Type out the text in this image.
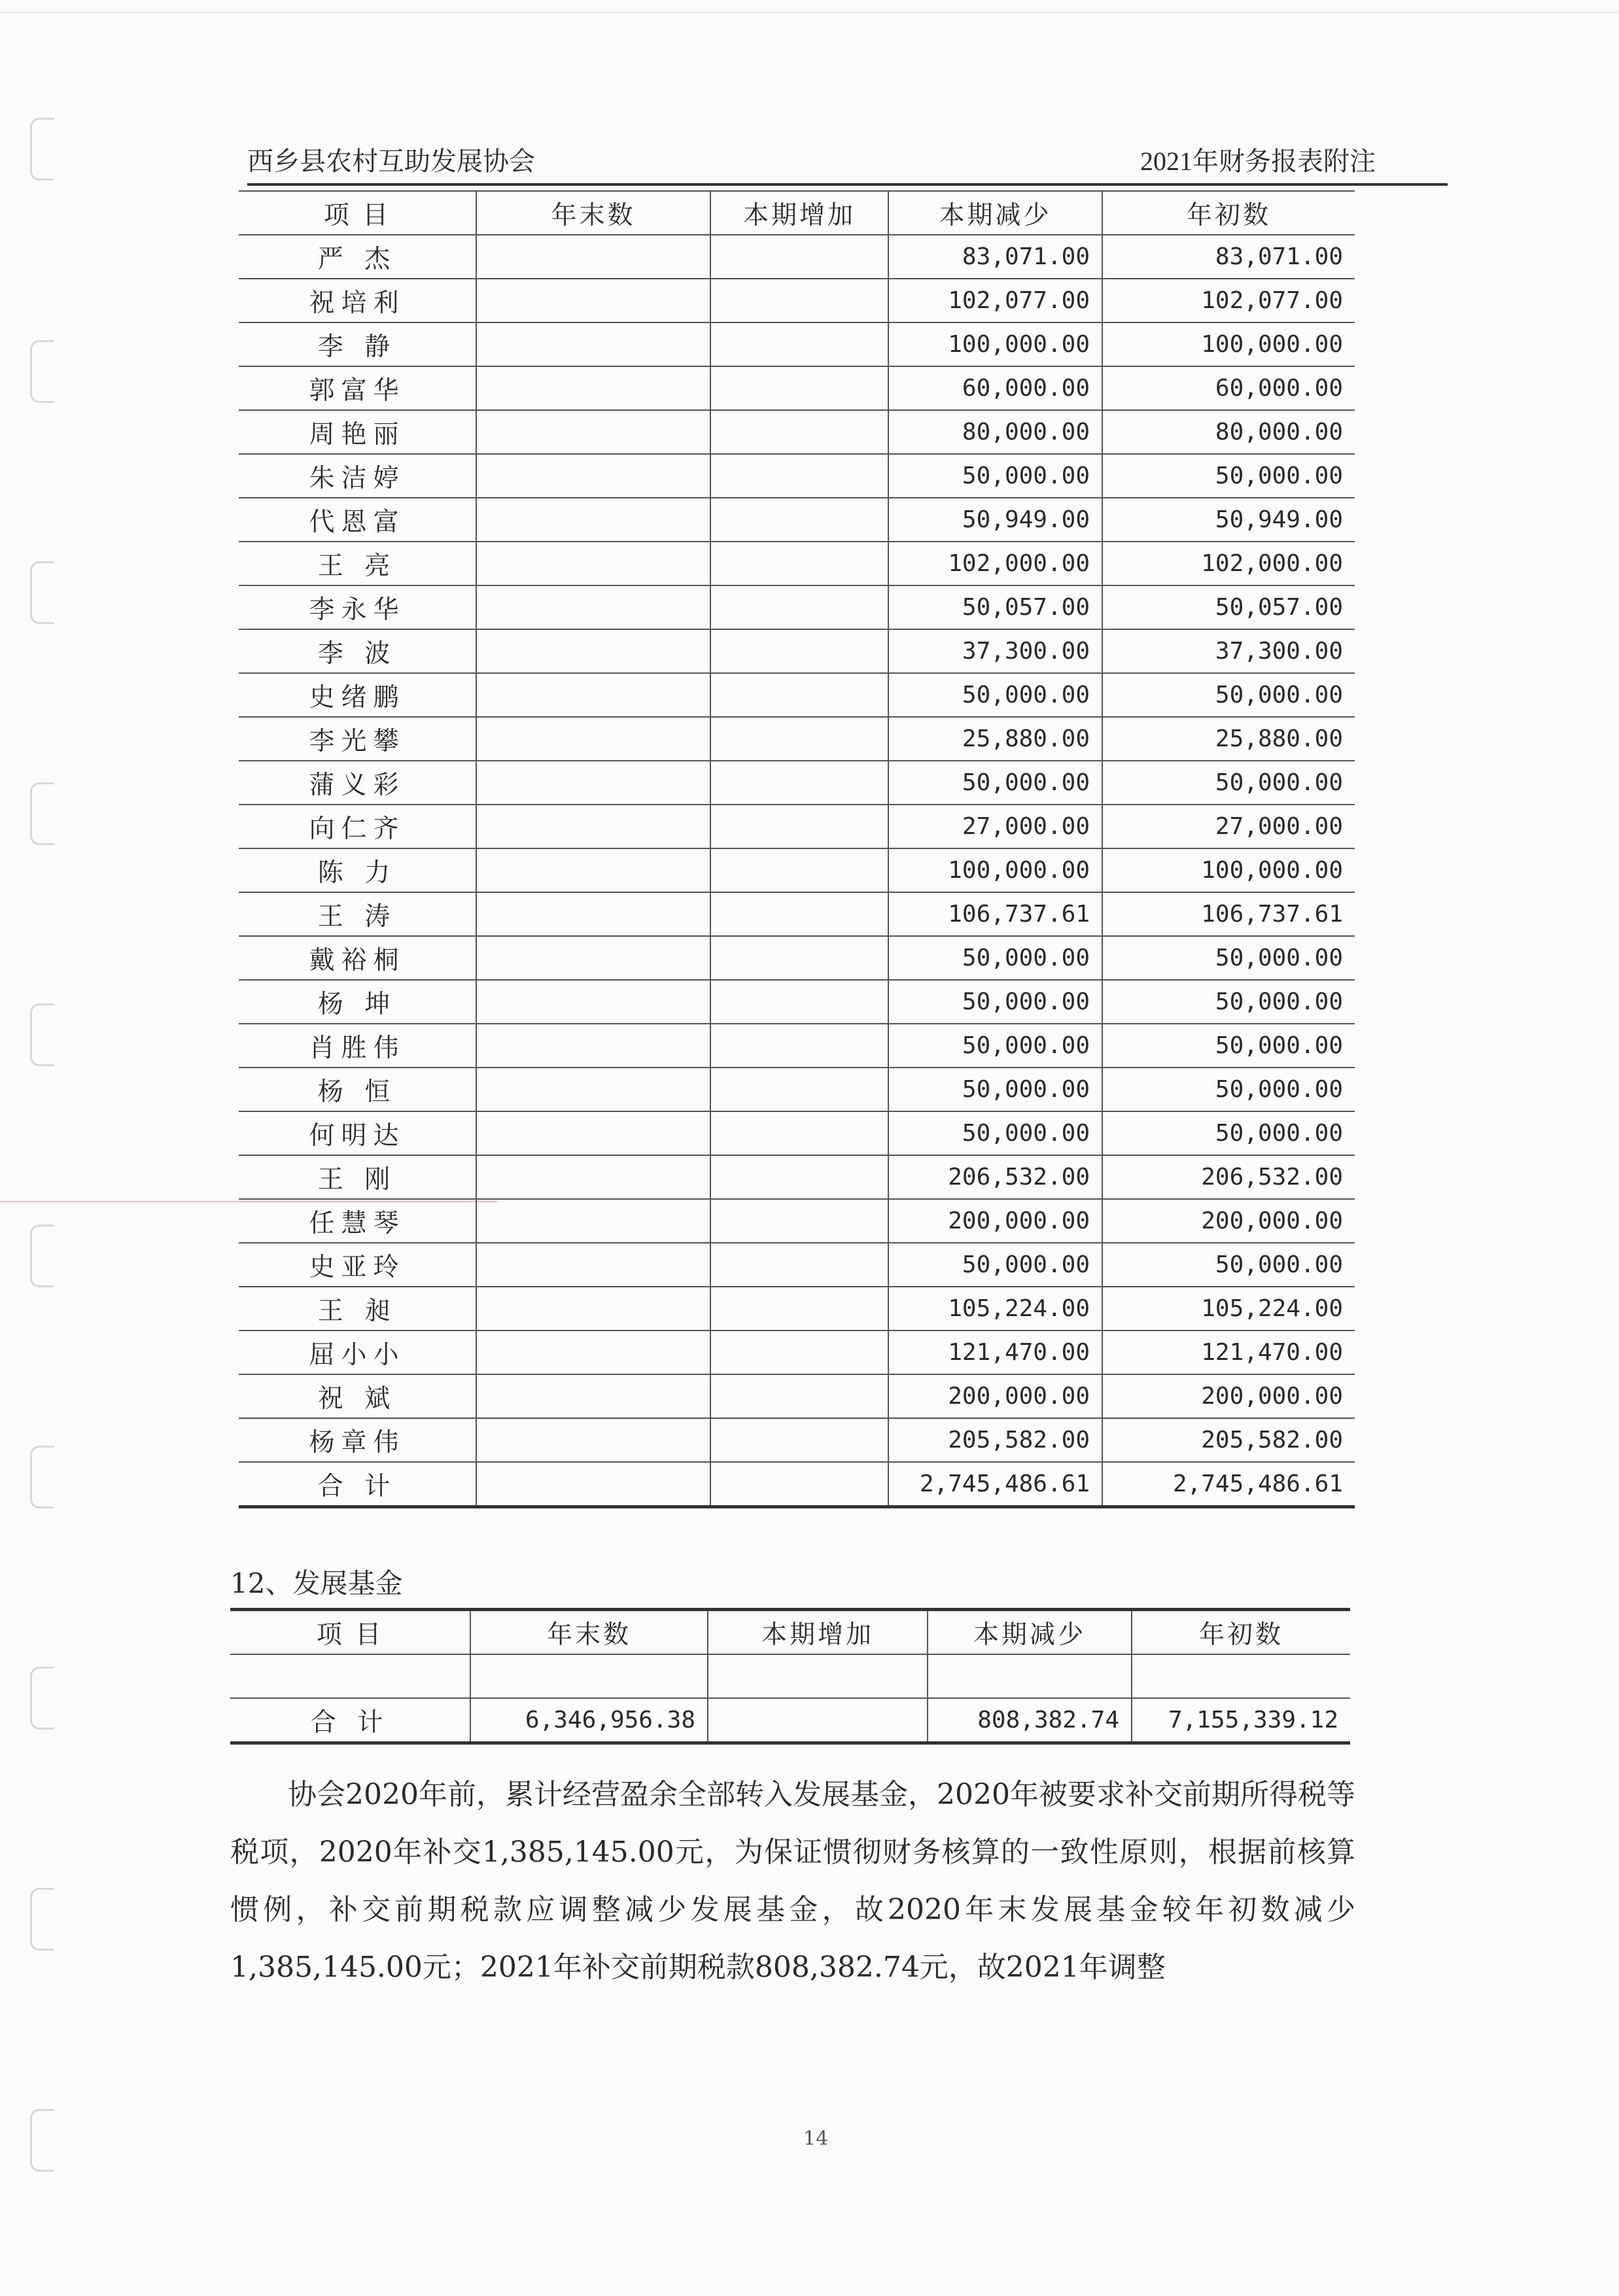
西乡县农村互助发展协会	2021年财务报表附注
项 目	年末数	本期增加	本期减少	年初数
严 杰			83,071.00	83,071.00
祝培利			102,077.00	102,077.00
李 静			100,000.00	100,000.00
郭富华			60,000.00	60,000.00
周艳丽			80,000.00	80,000.00
朱洁婷			50,000.00	50,000.00
代恩富			50,949.00	50,949.00
王 亮			102,000.00	102,000.00
李永华			50,057.00	50,057.00
李 波			37,300.00	37,300.00
史绪鹏			50,000.00	50,000.00
李光攀			25,880.00	25,880.00
蒲义彩			50,000.00	50,000.00
向仁齐			27,000.00	27,000.00
陈 力			100,000.00	100,000.00
王 涛			106,737.61	106,737.61
戴裕桐			50,000.00	50,000.00
杨 坤			50,000.00	50,000.00
肖胜伟			50,000.00	50,000.00
杨 恒			50,000.00	50,000.00
何明达			50,000.00	50,000.00
王 刚			206,532.00	206,532.00
任慧琴			200,000.00	200,000.00
史亚玲			50,000.00	50,000.00
王 昶			105,224.00	105,224.00
屈小小			121,470.00	121,470.00
祝 斌			200,000.00	200,000.00
杨章伟			205,582.00	205,582.00
合 计			2,745,486.61	2,745,486.61
12、发展基金
项 目	年末数	本期增加	本期减少	年初数

合 计	6,346,956.38		808,382.74	7,155,339.12

协会2020年前，累计经营盈余全部转入发展基金，2020年被要求补交前期所得税等税项，2020年补交1,385,145.00元，为保证惯彻财务核算的一致性原则，根据前核算惯例，补交前期税款应调整减少发展基金，故2020年末发展基金较年初数减少1,385,145.00元；2021年补交前期税款808,382.74元，故2021年调整

14
